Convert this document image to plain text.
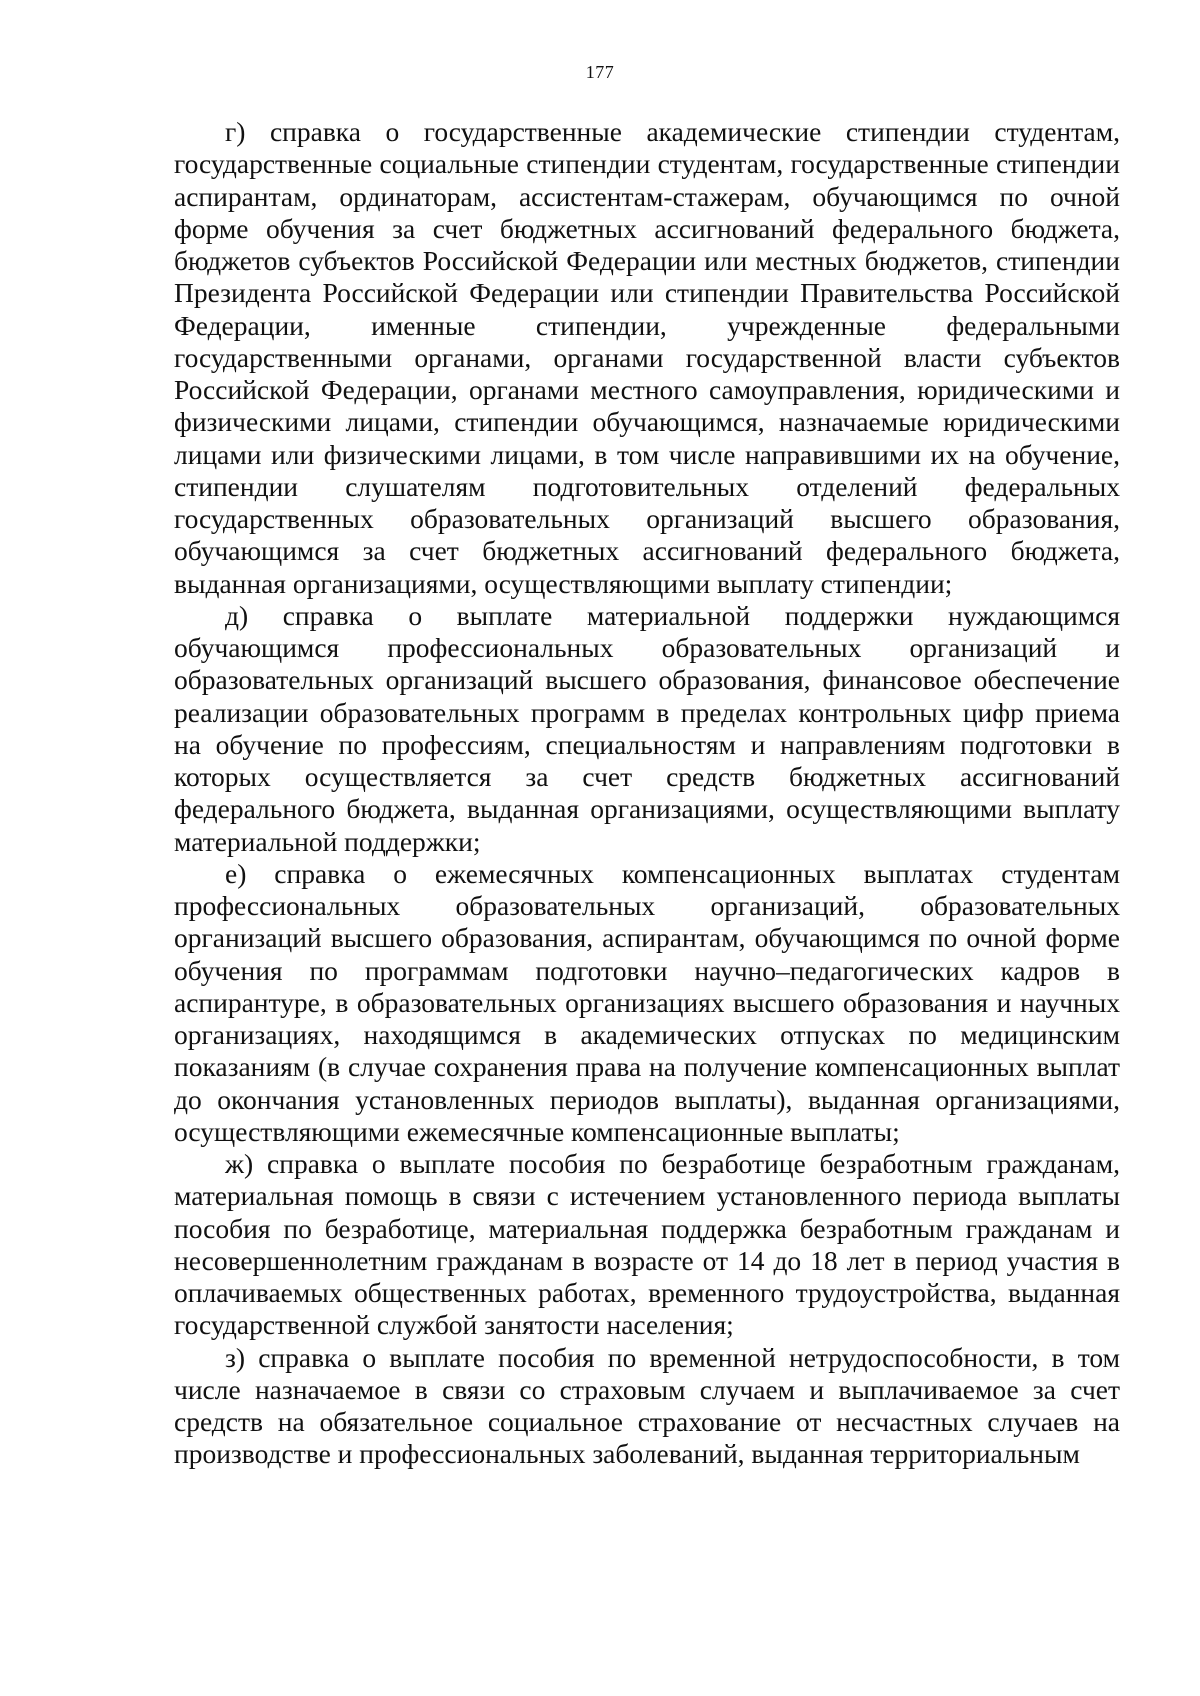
177

г) справка о государственные академические стипендии студентам, государственные социальные стипендии студентам, государственные стипендии аспирантам, ординаторам, ассистентам-стажерам, обучающимся по очной форме обучения за счет бюджетных ассигнований федерального бюджета, бюджетов субъектов Российской Федерации или местных бюджетов, стипендии Президента Российской Федерации или стипендии Правительства Российской Федерации, именные стипендии, учрежденные федеральными государственными органами, органами государственной власти субъектов Российской Федерации, органами местного самоуправления, юридическими и физическими лицами, стипендии обучающимся, назначаемые юридическими лицами или физическими лицами, в том числе направившими их на обучение, стипендии слушателям подготовительных отделений федеральных государственных образовательных организаций высшего образования, обучающимся за счет бюджетных ассигнований федерального бюджета, выданная организациями, осуществляющими выплату стипендии;

д) справка о выплате материальной поддержки нуждающимся обучающимся профессиональных образовательных организаций и образовательных организаций высшего образования, финансовое обеспечение реализации образовательных программ в пределах контрольных цифр приема на обучение по профессиям, специальностям и направлениям подготовки в которых осуществляется за счет средств бюджетных ассигнований федерального бюджета, выданная организациями, осуществляющими выплату материальной поддержки;

е) справка о ежемесячных компенсационных выплатах студентам профессиональных образовательных организаций, образовательных организаций высшего образования, аспирантам, обучающимся по очной форме обучения по программам подготовки научно–педагогических кадров в аспирантуре, в образовательных организациях высшего образования и научных организациях, находящимся в академических отпусках по медицинским показаниям (в случае сохранения права на получение компенсационных выплат до окончания установленных периодов выплаты), выданная организациями, осуществляющими ежемесячные компенсационные выплаты;

ж) справка о выплате пособия по безработице безработным гражданам, материальная помощь в связи с истечением установленного периода выплаты пособия по безработице, материальная поддержка безработным гражданам и несовершеннолетним гражданам в возрасте от 14 до 18 лет в период участия в оплачиваемых общественных работах, временного трудоустройства, выданная государственной службой занятости населения;

з) справка о выплате пособия по временной нетрудоспособности, в том числе назначаемое в связи со страховым случаем и выплачиваемое за счет средств на обязательное социальное страхование от несчастных случаев на производстве и профессиональных заболеваний, выданная территориальным
